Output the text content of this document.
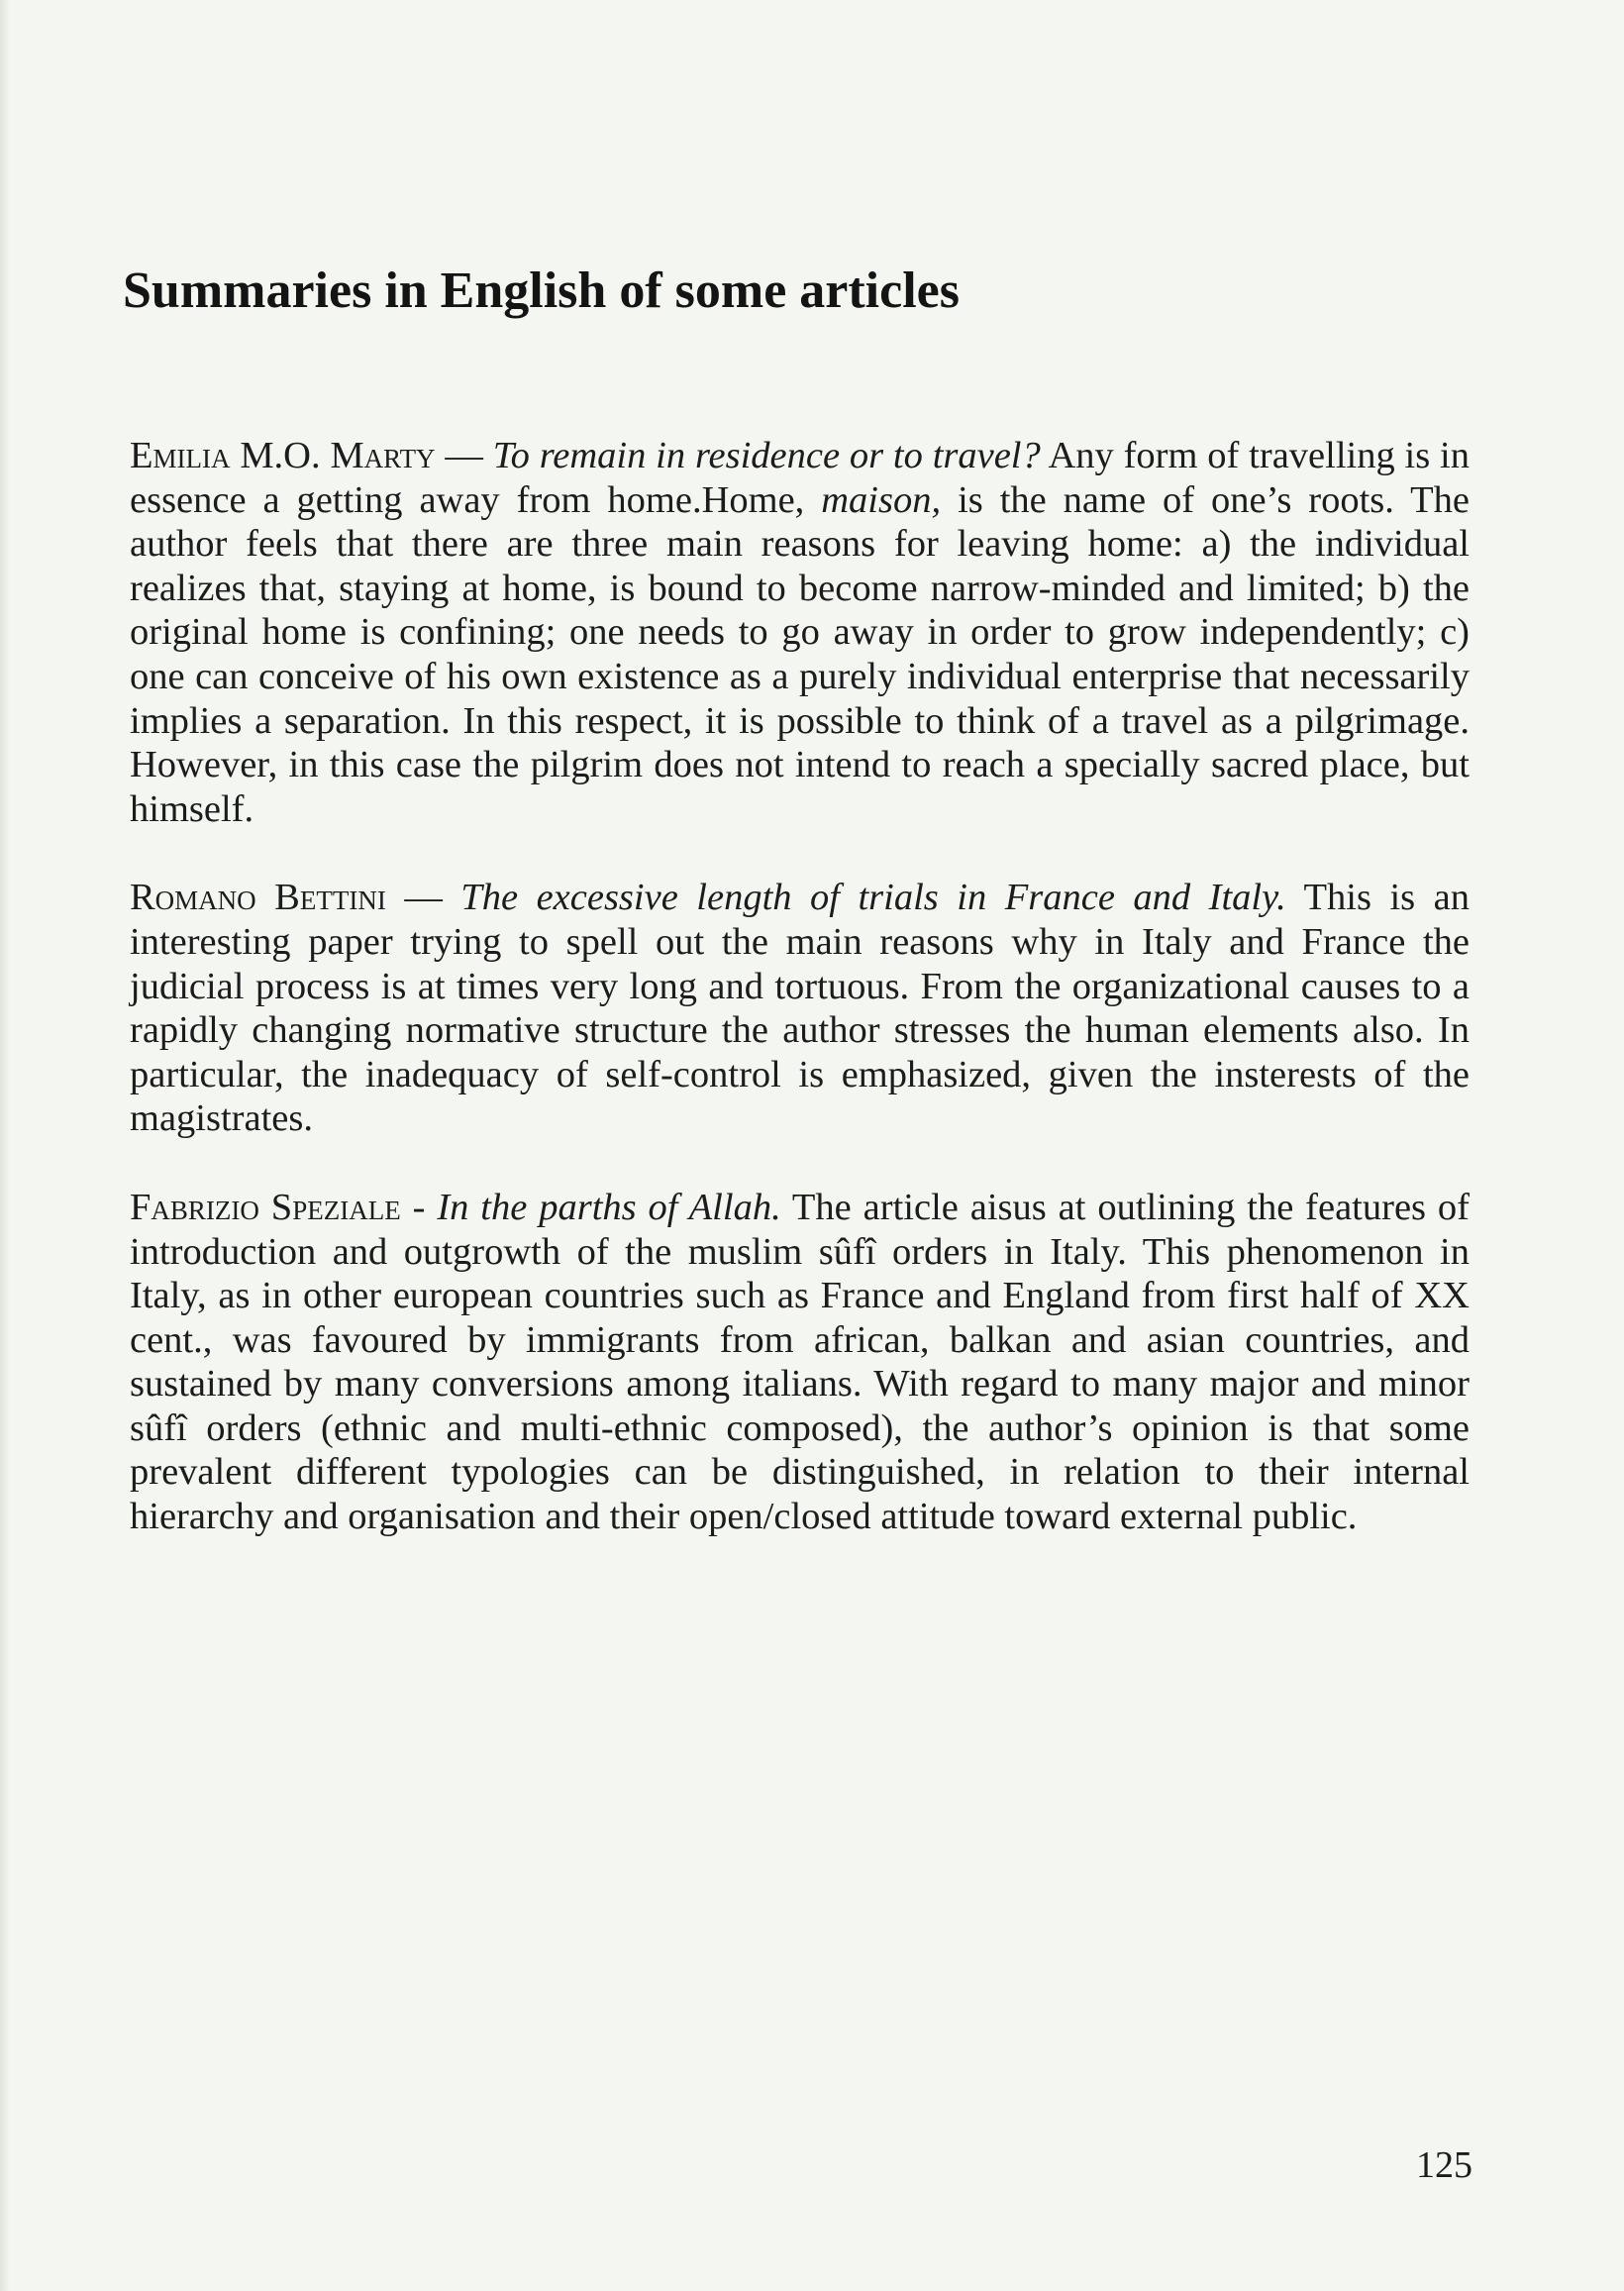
Summaries in English of some articles

Emilia M.O. Marty — To remain in residence or to travel? Any form of travelling is in essence a getting away from home.Home, maison, is the name of one’s roots. The author feels that there are three main reasons for leaving home: a) the individual realizes that, staying at home, is bound to become narrow-minded and limited; b) the original home is confining; one needs to go away in order to grow independently; c) one can conceive of his own existence as a purely individual enterprise that necessarily implies a separation. In this respect, it is possible to think of a travel as a pilgrimage. However, in this case the pilgrim does not intend to reach a specially sacred place, but himself.

Romano Bettini — The excessive length of trials in France and Italy. This is an interesting paper trying to spell out the main reasons why in Italy and France the judicial process is at times very long and tortuous. From the organizational causes to a rapidly changing normative structure the author stresses the human elements also. In particular, the inadequacy of self-control is emphasized, given the insterests of the magistrates.

Fabrizio Speziale - In the parths of Allah. The article aisus at outlining the features of introduction and outgrowth of the muslim sûfî orders in Italy. This phenomenon in Italy, as in other european countries such as France and England from first half of XX cent., was favoured by immigrants from african, balkan and asian countries, and sustained by many conversions among italians. With regard to many major and minor sûfî orders (ethnic and multi-ethnic composed), the author’s opinion is that some prevalent different typologies can be distinguished, in relation to their internal hierarchy and organisation and their open/closed attitude toward external public.

125
